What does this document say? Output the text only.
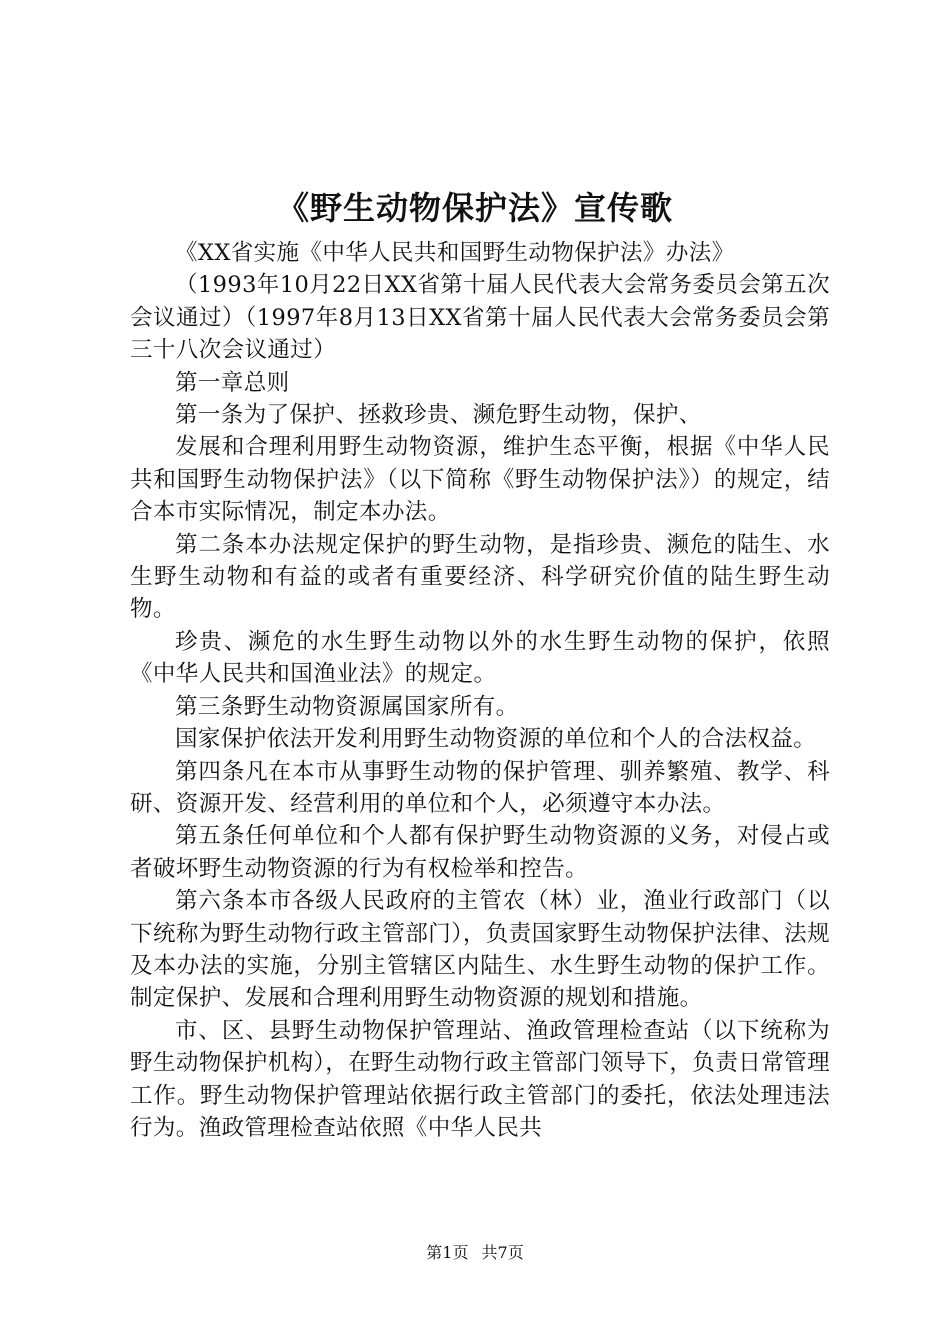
《野生动物保护法》宣传歌

《XX省实施《中华人民共和国野生动物保护法》办法》

（1993年10月22日XX省第十届人民代表大会常务委员会第五次会议通过）（1997年8月13日XX省第十届人民代表大会常务委员会第三十八次会议通过）

第一章总则

第一条为了保护、拯救珍贵、濒危野生动物，保护、

发展和合理利用野生动物资源，维护生态平衡，根据《中华人民共和国野生动物保护法》（以下简称《野生动物保护法》）的规定，结合本市实际情况，制定本办法。

第二条本办法规定保护的野生动物，是指珍贵、濒危的陆生、水生野生动物和有益的或者有重要经济、科学研究价值的陆生野生动物。

珍贵、濒危的水生野生动物以外的水生野生动物的保护，依照《中华人民共和国渔业法》的规定。

第三条野生动物资源属国家所有。

国家保护依法开发利用野生动物资源的单位和个人的合法权益。

第四条凡在本市从事野生动物的保护管理、驯养繁殖、教学、科研、资源开发、经营利用的单位和个人，必须遵守本办法。

第五条任何单位和个人都有保护野生动物资源的义务，对侵占或者破坏野生动物资源的行为有权检举和控告。

第六条本市各级人民政府的主管农（林）业，渔业行政部门（以下统称为野生动物行政主管部门），负责国家野生动物保护法律、法规及本办法的实施，分别主管辖区内陆生、水生野生动物的保护工作。制定保护、发展和合理利用野生动物资源的规划和措施。

市、区、县野生动物保护管理站、渔政管理检查站（以下统称为野生动物保护机构），在野生动物行政主管部门领导下，负责日常管理工作。野生动物保护管理站依据行政主管部门的委托，依法处理违法行为。渔政管理检查站依照《中华人民共

第1页 共7页
